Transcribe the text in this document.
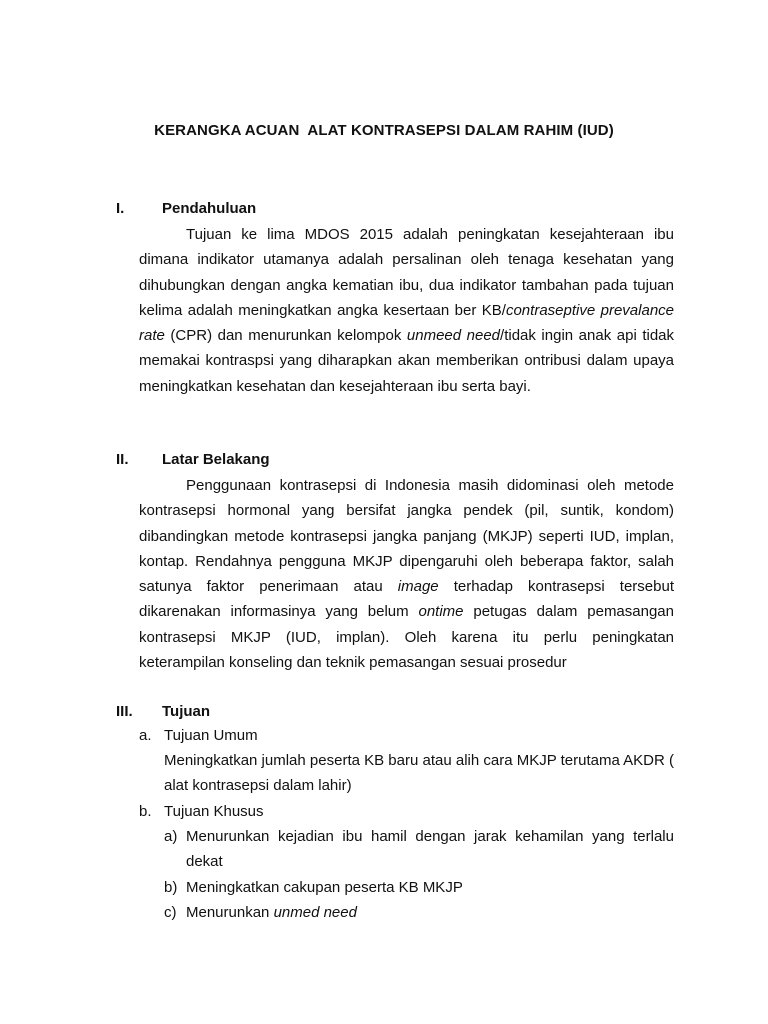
KERANGKA ACUAN  ALAT KONTRASEPSI DALAM RAHIM (IUD)
I.	Pendahuluan

Tujuan ke lima MDOS 2015 adalah peningkatan kesejahteraan ibu dimana indikator utamanya adalah persalinan oleh tenaga kesehatan yang dihubungkan dengan angka kematian ibu, dua indikator tambahan pada tujuan kelima adalah meningkatkan angka kesertaan ber KB/contraseptive prevalance rate (CPR) dan menurunkan kelompok unmeed need/tidak ingin anak api tidak memakai kontraspsi yang diharapkan akan memberikan ontribusi dalam upaya meningkatkan kesehatan dan kesejahteraan ibu serta bayi.

II. Latar Belakang

Penggunaan kontrasepsi di Indonesia masih didominasi oleh metode kontrasepsi hormonal yang bersifat jangka pendek (pil, suntik, kondom) dibandingkan metode kontrasepsi jangka panjang (MKJP) seperti IUD, implan, kontap. Rendahnya pengguna MKJP dipengaruhi oleh beberapa faktor, salah satunya faktor penerimaan atau image terhadap kontrasepsi tersebut dikarenakan informasinya yang belum ontime petugas dalam pemasangan kontrasepsi MKJP (IUD, implan). Oleh karena itu perlu peningkatan keterampilan konseling dan teknik pemasangan sesuai prosedur

III. Tujuan
a. Tujuan Umum

Meningkatkan jumlah peserta KB baru atau alih cara MKJP terutama AKDR ( alat kontrasepsi dalam lahir)

b. Tujuan Khusus
a) Menurunkan kejadian ibu hamil dengan jarak kehamilan yang terlalu dekat

b) Meningkatkan cakupan peserta KB MKJP
c) Menurunkan unmed need
